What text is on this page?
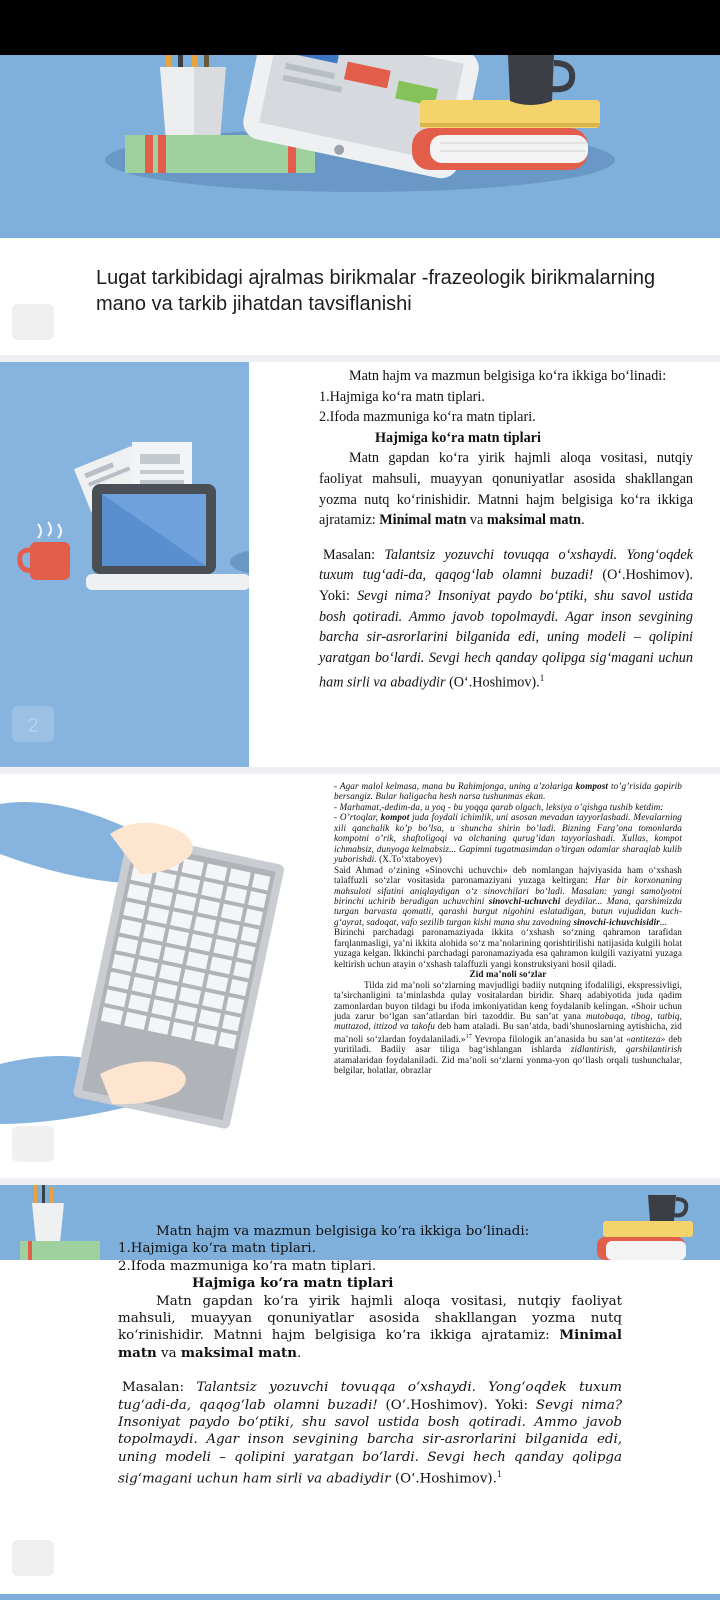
Lugat tarkibidagi ajralmas birikmalar -frazeologik birikmalarning mano va tarkib jihatdan tavsiflanishi
2

Matn hajm va mazmun belgisiga ko‘ra ikkiga bo‘linadi:

1.Hajmiga ko‘ra matn tiplari.

2.Ifoda mazmuniga ko‘ra matn tiplari.

Hajmiga ko‘ra matn tiplari

Matn gapdan ko‘ra yirik hajmli aloqa vositasi, nutqiy faoliyat mahsuli, muayyan qonuniyatlar asosida shakllangan yozma nutq ko‘rinishidir. Matnni hajm belgisiga ko‘ra ikkiga ajratamiz: Minimal matn va maksimal matn.

Masalan: Talantsiz yozuvchi tovuqqa o‘xshaydi. Yong‘oqdek tuxum tug‘adi-da, qaqog‘lab olamni buzadi! (O‘.Hoshimov). Yoki: Sevgi nima? Insoniyat paydo bo‘ptiki, shu savol ustida bosh qotiradi. Ammo javob topolmaydi. Agar inson sevgining barcha sir-asrorlarini bilganida edi, uning modeli – qolipini yaratgan bo‘lardi. Sevgi hech qanday qolipga sig‘magani uchun ham sirli va abadiydir (O‘.Hoshimov).$^1$

- Agar malol kelmasa, mana bu Rahimjonga, uning a’zolariga kompost to’g’risida gapirib bersangiz. Bular haligacha hesh narsa tushunmas ekan.

- Marhamat,-dedim-da, u yoq - bu yoqqa qarab olgach, leksiya o’qishga tushib ketdim:

- O’rtoqlar, kompot juda foydali ichimlik, uni asosan mevadan tayyorlashadi. Mevalarning xili qanchalik ko’p bo’lsa, u shuncha shirin bo’ladi. Bizning Farg’ona tomonlarda kompotni o’rik, shaftoligoqi va olchaning qurug’idan tayyorlashadi. Xullas, kompot ichmabsiz, dunyoga kelmabsiz... Gapimni tugatmasimdan o’tirgan odamlar sharaqlab kulib yuborishdi. (X.To’xtaboyev)

Said Ahmad o‘zining «Sinovchi uchuvchi» deb nomlangan hajviyasida ham o‘xshash talaffuzli so‘zlar vositasida paronamaziyani yuzaga keltirgan: Har bir korxonaning mahsuloti sifatini aniqlaydigan o‘z sinovchilari bo‘ladi. Masalan: yangi samolyotni birinchi uchirib beradigan uchuvchini sinovchi-uchuvchi deydilar... Mana, qarshimizda turgan barvasta qomatli, qarashi burgut nigohini eslatadigan, butun vujudidan kuch-g‘ayrat, sadoqat, vafo sezilib turgan kishi mana shu zavodning sinovchi-ichuvchisidir...

Birinchi parchadagi paronamaziyada ikkita o‘xshash so‘zning qahramon tarafidan farqlanmasligi, ya’ni ikkita alohida so‘z ma’nolarining qorishtirilishi natijasida kulgili holat yuzaga kelgan. Ikkinchi parchadagi paronamaziyada esa qahramon kulgili vaziyatni yuzaga keltirish uchun atayin o‘xshash talaffuzli yangi konstruksiyani hosil qiladi.

Zid ma’noli so‘zlar

Tilda zid ma’noli so‘zlarning mavjudligi badiiy nutqning ifodaliligi, ekspressivligi, ta’sirchanligini ta’minlashda qulay vositalardan biridir. Sharq adabiyotida juda qadim zamonlardan buyon tildagi bu ifoda imkoniyatidan keng foydalanib kelingan. «Shoir uchun juda zarur bo‘lgan san’atlardan biri tazoddir. Bu san’at yana mutobaqa, tibog, tatbiq, muttazod, ittizod va takofu deb ham ataladi. Bu san’atda, badi’shunoslarning aytishicha, zid ma’noli so‘zlardan foydalaniladi.»$^{17}$ Yevropa filologik an’anasida bu san’at «antiteza» deb yuritiladi. Badiiy asar tiliga bag‘ishlangan ishlarda zidlantirish, qarshilantirish atamalaridan foydalaniladi. Zid ma’noli so‘zlarni yonma-yon qo‘llash orqali tushunchalar, belgilar, holatlar, obrazlar

Matn hajm va mazmun belgisiga ko‘ra ikkiga bo‘linadi:

1.Hajmiga ko‘ra matn tiplari.

2.Ifoda mazmuniga ko‘ra matn tiplari.

Hajmiga ko‘ra matn tiplari

Matn gapdan ko‘ra yirik hajmli aloqa vositasi, nutqiy faoliyat mahsuli, muayyan qonuniyatlar asosida shakllangan yozma nutq ko‘rinishidir. Matnni hajm belgisiga ko‘ra ikkiga ajratamiz: Minimal matn va maksimal matn.

Masalan: Talantsiz yozuvchi tovuqqa o‘xshaydi. Yong‘oqdek tuxum tug‘adi-da, qaqog‘lab olamni buzadi! (O‘.Hoshimov). Yoki: Sevgi nima? Insoniyat paydo bo‘ptiki, shu savol ustida bosh qotiradi. Ammo javob topolmaydi. Agar inson sevgining barcha sir-asrorlarini bilganida edi, uning modeli – qolipini yaratgan bo‘lardi. Sevgi hech qanday qolipga sig‘magani uchun ham sirli va abadiydir (O‘.Hoshimov).$^1$
